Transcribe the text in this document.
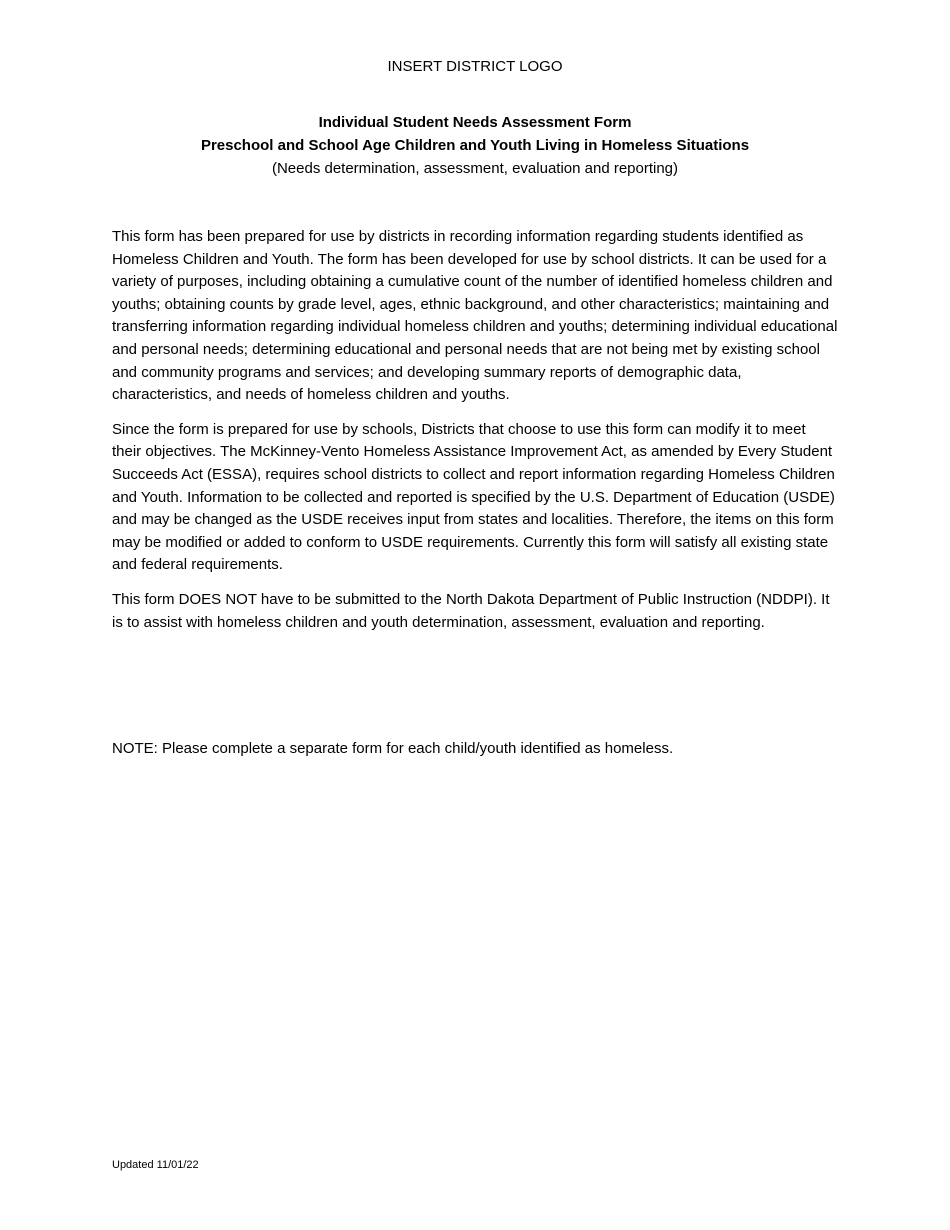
INSERT DISTRICT LOGO
Individual Student Needs Assessment Form
Preschool and School Age Children and Youth Living in Homeless Situations
(Needs determination, assessment, evaluation and reporting)

This form has been prepared for use by districts in recording information regarding students identified as Homeless Children and Youth. The form has been developed for use by school districts. It can be used for a variety of purposes, including obtaining a cumulative count of the number of identified homeless children and youths; obtaining counts by grade level, ages, ethnic background, and other characteristics; maintaining and transferring information regarding individual homeless children and youths; determining individual educational and personal needs; determining educational and personal needs that are not being met by existing school and community programs and services; and developing summary reports of demographic data, characteristics, and needs of homeless children and youths.

Since the form is prepared for use by schools, Districts that choose to use this form can modify it to meet their objectives. The McKinney-Vento Homeless Assistance Improvement Act, as amended by Every Student Succeeds Act (ESSA), requires school districts to collect and report information regarding Homeless Children and Youth. Information to be collected and reported is specified by the U.S. Department of Education (USDE) and may be changed as the USDE receives input from states and localities. Therefore, the items on this form may be modified or added to conform to USDE requirements. Currently this form will satisfy all existing state and federal requirements.

This form DOES NOT have to be submitted to the North Dakota Department of Public Instruction (NDDPI). It is to assist with homeless children and youth determination, assessment, evaluation and reporting.

NOTE: Please complete a separate form for each child/youth identified as homeless.
Updated 11/01/22
